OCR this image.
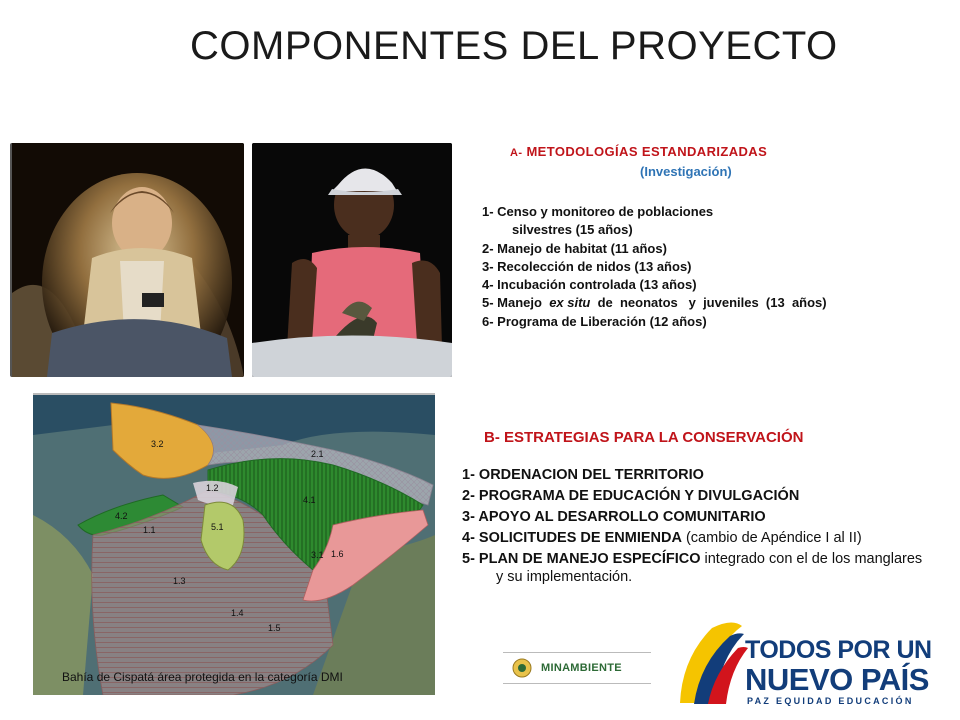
COMPONENTES DEL PROYECTO
A- METODOLOGÍAS ESTANDARIZADAS
(Investigación)
1- Censo y monitoreo de poblaciones
silvestres (15 años)
2- Manejo de habitat (11 años)
3- Recolección de nidos (13 años)
4- Incubación controlada (13 años)
5- Manejo  ex situ  de  neonatos   y  juveniles  (13  años)
6- Programa de Liberación (12 años)
3.2
2.1
1.2
4.1
4.2
5.1
1.1
3.1 1.6
1.3
1.4
1.5
Bahía de Cispatá área protegida en la categoría DMI
B- ESTRATEGIAS PARA LA CONSERVACIÓN
1- ORDENACION DEL TERRITORIO
2- PROGRAMA DE EDUCACIÓN Y DIVULGACIÓN
3- APOYO AL DESARROLLO COMUNITARIO
4- SOLICITUDES DE ENMIENDA (cambio de Apéndice I al II)
5- PLAN DE MANEJO ESPECÍFICO integrado con el de los manglares y su implementación.
MINAMBIENTE
TODOS POR UN
NUEVO PAÍS
PAZ EQUIDAD EDUCACIÓN
